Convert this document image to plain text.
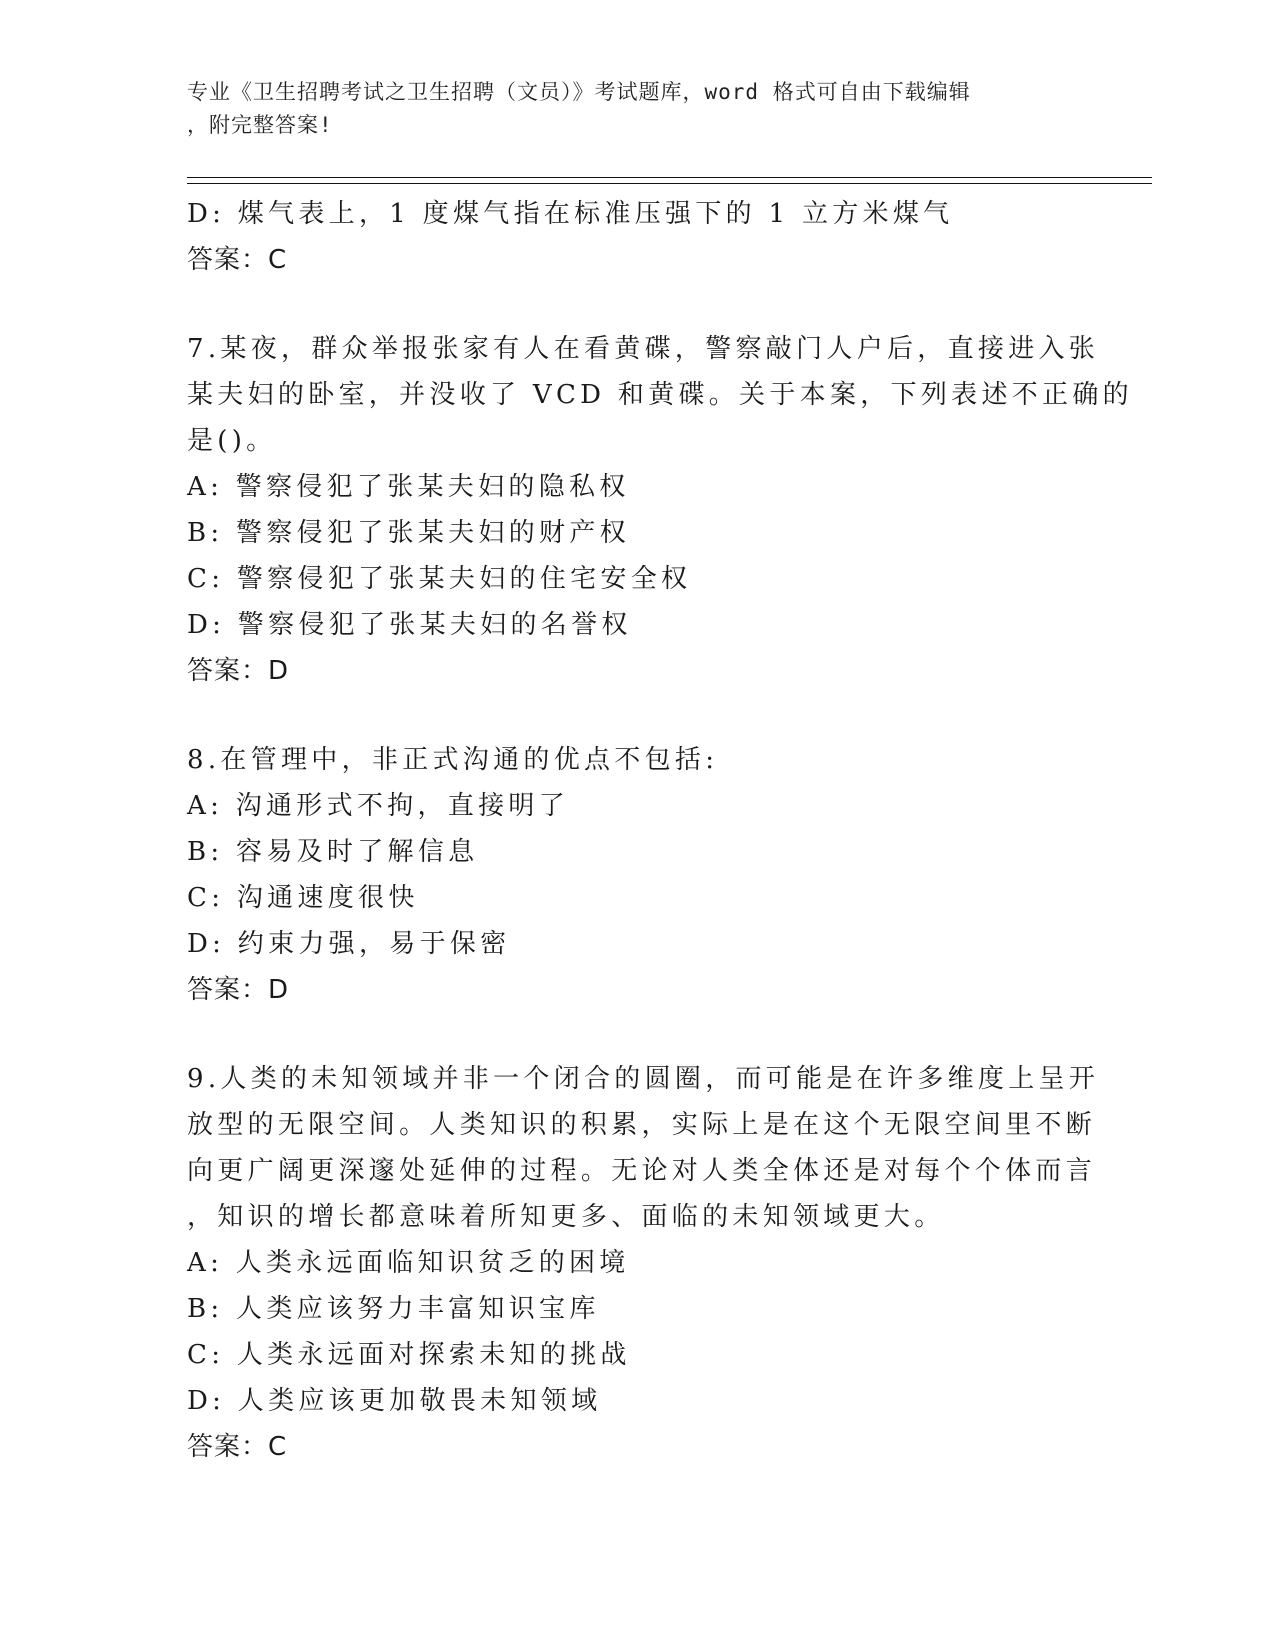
专业《卫生招聘考试之卫生招聘（文员）》考试题库，word 格式可自由下载编辑
，附完整答案!
D: 煤气表上，1 度煤气指在标准压强下的 1 立方米煤气
答案：C
7.某夜，群众举报张家有人在看黄碟，警察敲门人户后，直接进入张
某夫妇的卧室，并没收了 VCD 和黄碟。关于本案，下列表述不正确的
是()。
A: 警察侵犯了张某夫妇的隐私权
B: 警察侵犯了张某夫妇的财产权
C: 警察侵犯了张某夫妇的住宅安全权
D: 警察侵犯了张某夫妇的名誉权
答案：D
8.在管理中，非正式沟通的优点不包括:
A: 沟通形式不拘，直接明了
B: 容易及时了解信息
C: 沟通速度很快
D: 约束力强，易于保密
答案：D
9.人类的未知领域并非一个闭合的圆圈，而可能是在许多维度上呈开
放型的无限空间。人类知识的积累，实际上是在这个无限空间里不断
向更广阔更深邃处延伸的过程。无论对人类全体还是对每个个体而言
，知识的增长都意味着所知更多、面临的未知领域更大。
A: 人类永远面临知识贫乏的困境
B: 人类应该努力丰富知识宝库
C: 人类永远面对探索未知的挑战
D: 人类应该更加敬畏未知领域
答案：C
